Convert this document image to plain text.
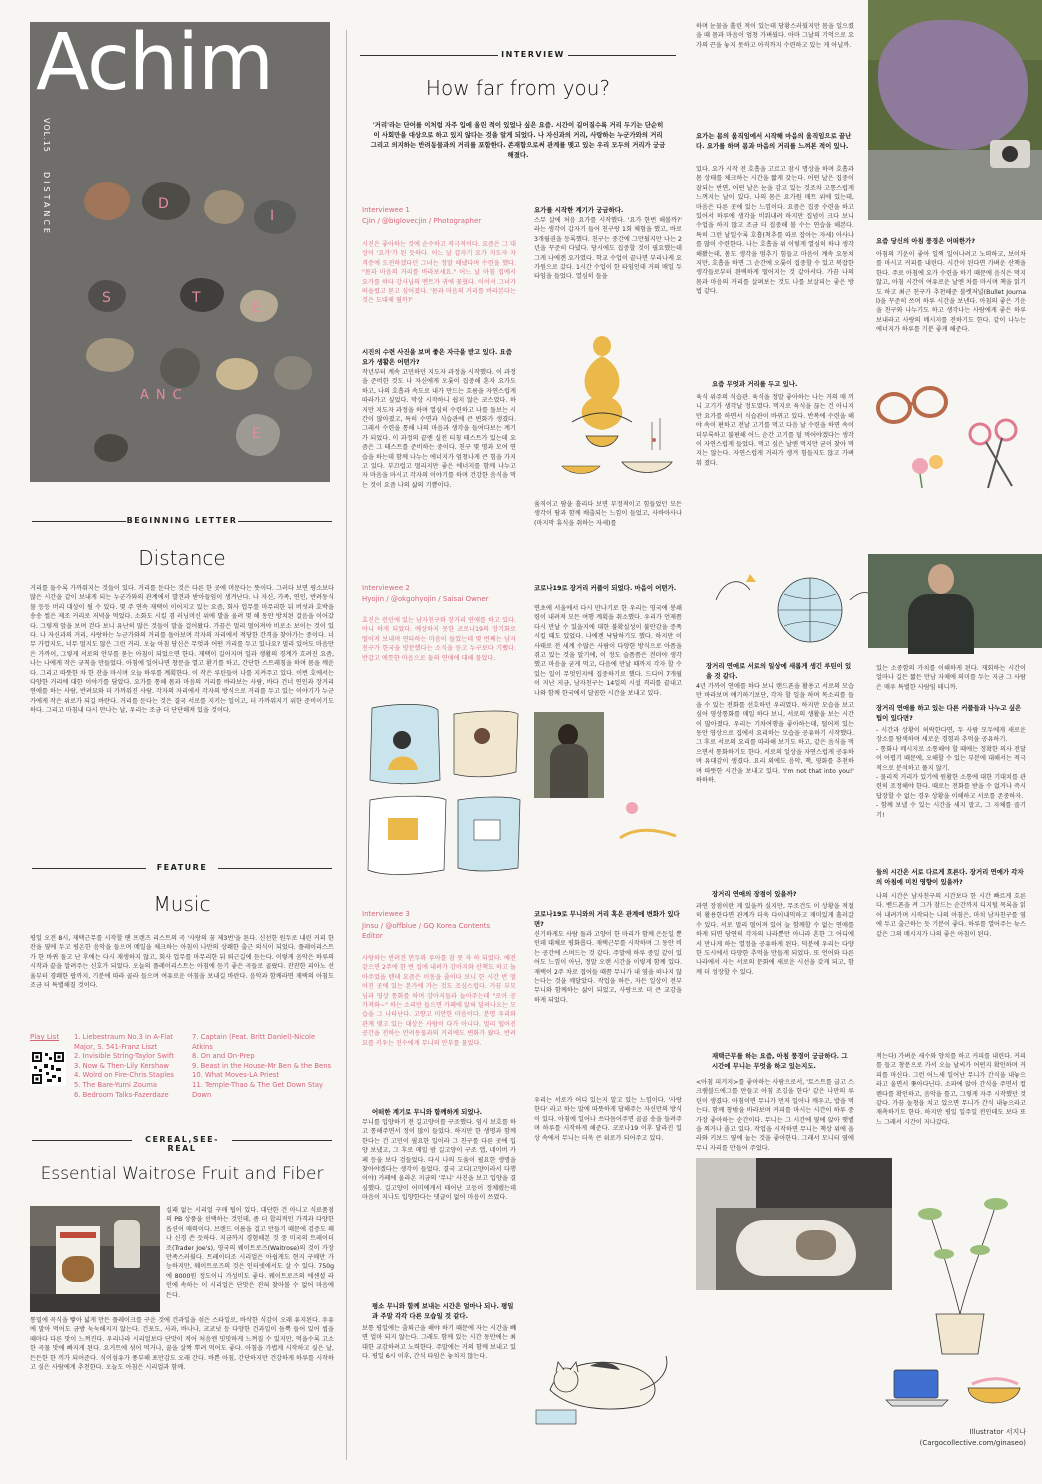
Achim
VOL.15
DISTANCE	D
I
S	T
E
ANC
E
BEGINNING LETTER
Distance
거리를 둘수록 가까워지는 것들이 있다. 거리를 둔다는 것은 다른 한 곳에 머문다는 뜻이다. 그러다 보면 평소보다 많은 시간을 같이 보내게 되는 누군가와의 관계에서 발견과 받아들임이 생겨난다. 나 자신, 가족, 연인, 반려동식물 등등 머리 대상이 될 수 있다. 몇 주 연속 재택이 이어지고 있는 요즘, 회사 업무를 마무리한 뒤 버섯과 호박을 송송 썰은 제조 커리로 저녁을 먹었다. 소화도 시킬 겸 러닝머신 위에 발을 올려 몇 해 동안 방치된 걸음을 이어갔다. 그렇게 앞을 보며 걷다 보니 유난히 많은 것들이 말을 걸어왔다. 가끔은 멀리 떨어져야 비로소 보이는 것이 있다. 나 자신과의 거리, 사랑하는 누군가와의 거리를 돌아보며 각자의 자리에서 적당한 간격을 찾아가는 중이다. 너무 가깝지도, 너무 멀지도 않은 그런 거리. 오늘 아침 당신은 무엇과 어떤 거리를 두고 있나요? 멀리 있어도 마음만은 가까이, 그렇게 서로의 안부를 묻는 아침이 되었으면 한다. 재택이 길어지며 일과 생활의 경계가 흐려진 요즘, 나는 나에게 작은 규칙을 만들었다. 아침에 일어나면 창문을 열고 환기를 하고, 간단한 스트레칭을 하며 몸을 깨운다. 그리고 따뜻한 차 한 잔을 마시며 오늘 하루를 계획한다. 이 작은 루틴들이 나를 지켜주고 있다. 이번 호에서는 다양한 거리에 대한 이야기를 담았다. 요가를 통해 몸과 마음의 거리를 바라보는 사람, 바다 건너 연인과 장거리 연애를 하는 사람, 반려묘와 더 가까워진 사람. 각자의 자리에서 각자의 방식으로 거리를 두고 있는 이야기가 누군가에게 작은 위로가 되길 바란다. 거리를 둔다는 것은 결국 서로를 지키는 일이고, 더 가까워지기 위한 준비이기도 하다. 그리고 마침내 다시 만나는 날, 우리는 조금 더 단단해져 있을 것이다.
FEATURE
Music
평일 오전 8시, 재택근무를 시작할 땐 프랜즈 리스트의 곡 '사랑의 꿈 제3번'을 튼다. 신선한 원두로 내린 커피 한 잔을 옆에 두고 평온한 음악을 들으며 메일을 체크하는 아침이 나만의 상쾌한 출근 의식이 되었다. 플레이리스트가 한 바퀴 돌고 난 후에는 다시 재생하지 않고, 회사 업무를 마무리한 뒤 퇴근길에 듣는다. 이렇게 음악은 하루의 시작과 끝을 알려주는 신호가 되었다. 오늘의 플레이리스트는 아침에 듣기 좋은 곡들로 골랐다. 잔잔한 피아노 선율부터 경쾌한 팝까지, 기분에 따라 골라 들으며 여유로운 아침을 보내길 바란다. 음악과 함께라면 재택의 아침도 조금 더 특별해질 것이다.
Play List 1. Liebestraum No.3 in A-Flat Major, S. 541-Franz Liszt
2. Invisible String-Taylor Swift
3. Now & Then-Lily Kershaw
4. Wolrd on Fire-Chris Staples
5. The Bare-Yumi Zouma
6. Bedroom Talks-Fazerdaze
7. Captain (Feat. Britt Daniel)-Nicole Atkins
8. On and On-Prep
9. Beast in the House-Mr Ben & the Bens
10. What Moves-LA Priest
11. Temple-Thao & The Get Down Stay Down
CEREAL,SEE-REAL
Essential Waitrose Fruit and Fiber
실패 없는 시리얼 구매 팁이 있다. 대단한 건 아니고 식료품점의 PB 상품을 선택하는 것인데, 좀 더 합리적인 가격과 다양한 옵션이 매력이다. 브랜드 이름을 걸고 만들기 때문에 검증도 꽤나 신경 쓴 듯하다. 지금까지 경험해본 것 중 미국의 트레이더조(Trader Joe's), 영국의 웨이트로즈(Waitrose)의 것이 가장 만족스러웠다. 트레이더조 시리얼은 아쉽게도 현지 구매만 가능하지만, 웨이트로즈의 것은 인터넷에서도 살 수 있다. 750g에 8000원 정도이니 가성비도 좋다. 웨이트로즈의 에센셜 라인에 속하는 이 시리얼은 단맛은 전혀 찾아볼 수 없어 마음에 든다.
통밀에 곡식을 빻아 넓게 만든 플레이크를 구운 것에 건과일을 섞은 스타일로, 바삭한 식감이 오래 유지된다. 우유에 말아 먹어도 금방 눅눅해지지 않는다. 건포도, 사과, 바나나, 코코넛 등 다양한 건과일이 듬뿍 들어 있어 씹을 때마다 다른 맛이 느껴진다. 우리나라 시리얼보다 단맛이 적어 처음엔 밋밋하게 느껴질 수 있지만, 먹을수록 고소한 곡물 맛에 빠지게 된다. 요거트에 섞어 먹거나, 꿀을 살짝 뿌려 먹어도 좋다. 아침을 가볍게 시작하고 싶은 날, 든든한 한 끼가 되어준다. 식이섬유가 풍부해 포만감도 오래 간다. 바쁜 아침, 간단하지만 건강하게 하루를 시작하고 싶은 사람에게 추천한다. 오늘도 아침은 시리얼과 함께.
INTERVIEW
How far from you?
'거리'라는 단어를 이처럼 자주 입에 올린 적이 있었나 싶은 요즘. 시간이 길어질수록 거리 두기는 단순히 이 사회만을 대상으로 하고 있지 않다는 것을 알게 되었다. 나 자신과의 거리, 사랑하는 누군가와의 거리 그리고 의지하는 반려동물과의 거리를 포함한다. 존재함으로써 관계를 맺고 있는 우리 모두의 거리가 궁금해졌다.
Interviewee 1
Cjin / @biglovecjin / Photographer
시진은 좋아하는 것에 순수하고 적극적이다. 요즘은 그 대상이 '요가'가 된 듯하다. 어느 날 갑자기 요가 지도자 자격증에 도전하겠다던 그녀는 정말 해냈다며 수련을 했다. "몸과 마음의 거리를 바라보세요." 어느 날 아침 집에서 요가를 하다 강사님의 멘트가 귀에 꽂혔다. 이어서 그녀가 떠올렸고 묻고 싶어졌다. '몸과 마음의 거리를 바라본다는 것은 도대체 뭘까?'
시진의 수련 사진을 보며 좋은 자극을 받고 있다. 요즘 요가 생활은 어떤가?
작년부터 계속 고민하던 지도자 과정을 시작했다. 이 과정을 준비한 것도 나 자신에게 오롯이 집중해 혼자 요가도 하고, 나의 호흡과 속도로 내가 만드는 흐름을 자연스럽게 따라가고 싶었다. 막상 시작하니 쉽지 않은 코스였다. 하지만 지도자 과정을 하며 열심히 수련하고 나를 돌보는 시간이 많아졌고, 특히 수면과 식습관에 큰 변화가 생겼다. 그래서 수련을 통해 나의 마음과 생각을 들여다보는 계기가 되었다. 이 과정의 끝엔 실전 티칭 테스트가 있는데 요즘은 그 테스트를 준비하는 중이다. 친구 몇 명과 모여 연습을 하는데 함께 나누는 에너지가 엄청나게 큰 힘을 가지고 있다. 부끄럽고 떨리지만 좋은 에너지를 함께 나누고 자 마음을 마시고 각자의 이야기를 하며 건강한 음식을 먹는 것이 요즘 나의 삶의 기쁨이다.
요가를 시작한 계기가 궁금하다.
스무 살에 처음 요가를 시작했다. '요가 한번 해볼까?' 라는 생각이 갑자기 들어 친구랑 1회 체험을 했고, 바로 3개월권을 등록했다. 친구는 중간에 그만뒀지만 나는 2년을 꾸준히 다녔다. 당시에도 집중할 것이 필요했는데 그게 나에겐 요가였다. 학교 수업이 끝나면 부리나케 요가원으로 갔다. 1시간 수업이 한 타임인데 거의 매일 두 타임을 들었다. 열심히 들을
움직이고 땀을 흘리다 보면 부정적이고 힘들었던 모든 생각이 땀과 함께 배출되는 느낌이 들었고, 사바아사나(마지막 휴식을 취하는 자세)를
하며 눈물을 흘린 적이 있는데 당황스러웠지만 몸을 일으켰을 때 몸과 마음이 엄청 가벼웠다. 아마 그날의 기억으로 요가의 끈을 놓지 못하고 아직까지 수련하고 있는 게 아닐까.
요가는 몸의 움직임에서 시작해 마음의 움직임으로 끝난다. 요가를 하며 몸과 마음의 거리를 느껴본 적이 있나.
있다. 요가 시작 전 호흡을 고르고 잠시 명상을 하며 호흡과 몸 상태를 체크하는 시간을 짧게 갖는다. 어떤 날은 집중이 잘되는 반면, 어떤 날은 눈을 감고 있는 것조차 고통스럽게 느껴지는 날이 있다. 나의 몸은 요가원 매트 위에 있는데, 마음은 다른 곳에 있는 느낌이다. 요즘은 집중 수련을 하고 있어서 하루에 생각을 비워내려 하지만 집념이 크다 보니 수업을 하지 않고 조금 더 집중해 볼 수는 연습을 해본다. 특히 그런 날일수록 호흡(척추를 따로 잡아는 자세) 아사나를 많이 수련한다. 나는 호흡을 위 이렇게 열심히 하냐 생각해봤는데, 몸도 생각을 멈추기 힘들고 마음이 계속 요동치지만, 호흡을 하면 그 순간에 오롯이 집중할 수 있고 복잡한 생각들로부터 완벽하게 떨어지는 것 같아서다. 가끔 나의 몸과 마음의 거리를 살펴보는 것도 나를 보살피는 좋은 방법 같다.
요즘 무엇과 거리를 두고 있나.
육식 위주의 식습관. 육식을 정말 좋아하는 나는 거의 매 끼니 고기가 생각날 정도였다. 먹지로 육식을 끊는 건 아니지만 요가를 하면서 식습관이 바뀌고 있다. 반복에 수련을 해야 속이 편하고 전날 고기를 먹고 다음 날 수련을 하면 속이 더부룩하고 불편해 어느 순간 고기를 덜 먹어야겠다는 생각이 자연스럽게 들었다. 먹고 싶은 날엔 먹지만 굳이 찾아 먹지는 않는다. 자연스럽게 거리가 생겨 힘들지도 않고 가벼워 졌다.
요즘 당신의 아침 풍경은 어떠한가?
아침의 기운이 좋아 일찍 일어나려고 노력하고, 보이차를 마시고 커피를 내린다. 시간이 된다면 가벼운 산책을 한다. 주로 아침에 요가 수련을 하기 때문에 음식은 먹지 않고, 아침 시간이 여유로운 날엔 차를 마시며 책을 읽기도 하고 최근 친구가 추천해준 블렛저널(Bullet Journal)을 꾸준히 쓰며 하루 시간을 보낸다. 아침의 좋은 기운을 친구와 나누기도 하고 생각나는 사람에게 좋은 하루 보내라고 사랑의 메시지를 전하기도 한다. 같이 나누는 에너지가 하루를 기분 좋게 해준다.
Interviewee 2
Hyojin / @okgohyojin / Saisai Owner
효진은 런던에 있는 남자친구와 장거리 연애를 하고 있다. 아니 하게 되었다. 예상하지 못한 코로나19의 장기화로 떨어져 보내며 연타하는 마음이 들었는데 몇 번째는 남자친구가 한국을 방문했다는 소식을 듣고 누구보다 기뻤다. 반갑고 애틋한 마음으로 둘의 연애에 대해 물었다.
코로나19로 장거리 커플이 되었다. 마음이 어떤가.
연초에 서울에서 다시 만나기로 한 우리는 영국에 봉쇄령이 내려져 모든 여행 계획을 취소했다. 우리가 언제쯤 다시 만날 수 있을지에 대한 불확실성이 불안감을 증폭시킬 때도 있었다. 나에겐 낙담하기도 했다. 하지만 이 사태로 전 세계 수많은 사람이 다양한 방식으로 아픔을 겪고 있는 것을 알기에, 이 정도 슬픔쯤은 견뎌야 생각했고 마음을 굳게 먹고, 다음에 만날 때까지 각자 할 수 있는 일이 무엇인지에 집중하기로 했다. 드디어 7개월이 지난 지금, 남자친구는 14일의 시설 격리를 끝내고 나와 함께 한국에서 달콤한 시간을 보내고 있다.
장거리 연애로 서로의 일상에 새롭게 생긴 루틴이 있을 것 같다.
4년 가까이 연애를 하다 보니 랜드폰을 활용고 서로의 모습만 바라보며 얘기하기보단, 각자 할 일을 하며 목소리를 들을 수 있는 전화를 선호하던 우리였다. 하지만 모습을 보고 싶어 영상통화를 매일 하다 보니, 서로의 생활을 보는 시간이 많아졌다. 우리는 기차여행을 좋아하는데, 떨어져 있는 동안 영상으로 집에서 요리하는 모습을 공유하기 시작했다. 그 후로 서로의 요리를 따라해 보기도 하고, 같은 음식을 먹으면서 통화하기도 한다. 서로의 일상을 자연스럽게 공유하며 유대감이 생겼다. 요리 외에도 음악, 책, 영화를 추천하며 따뜻한 시간을 보내고 있다. 'I'm not that into you!' 하하하.
장거리 연애의 장점이 있을까?
과연 장점이란 게 있을까 싶지만, 무조건도 이 상황을 적절히 활용한다면 관계가 더욱 다이내믹하고 재미있게 흘러갈 수 있다. 서로 멀리 떨어져 있어 늘 함께할 수 없는 연애를 하게 되면 당연히 각자의 나라뿐만 아니라 흔한 그 어디에서 만나게 하는 열정을 공유하게 된다. 덕분에 우리는 다양한 도시에서 다양한 추억을 만들게 되었다. 또 언어와 다른 나라에서 사는 서로의 문화에 새로운 시선을 갖게 되고, 함께 더 성장할 수 있다.
있는 소중함의 가치를 이해하게 된다. 재회하는 시간이 얼마나 길든 짧든 만남 자체에 의미를 두는 지금 그 사람은 매우 특별한 사람임 테니까.
장거리 연애를 하고 있는 다른 커플들과 나누고 싶은 팁이 있다면?
- 시간과 상황이 허락한다면, 두 사람 모두에게 새로운 장소를 탐색하며 새로운 경험과 추억을 공유하기.
- 통화나 메시지로 소통해야 할 때에는 정확한 의사 전달이 어렵기 때문에, 오해할 수 있는 부분에 대해서는 적극적으로 분석하고 풀지 않기.
- 물리적 거리가 있기에 원활한 소통에 대한 기대치를 관련히 조정해야 한다. 때로는 전화를 받을 수 없거나 즉시 답장할 수 없는 경우 상황을 이해하고 서로를 존중하자.
- 함께 보낼 수 있는 시간을 세지 말고, 그 자체를 즐기기!
둘의 시간은 서로 다르게 흐른다. 장거리 연애가 각자의 아침에 미친 영향이 있을까?
나의 시간은 남자친구의 시간보다 한 시간 빠르게 흐른다. 밴드폰을 켜 그가 잠드는 순간까지 디지털 목록을 읽어 내려가며 시작되는 나의 아침은, 마치 남자친구를 옆에 두고 출근하는 듯 기분이 좋다. 하루를 열어주는 뉴스 같은 그의 메시지가 나의 좋은 아침이 된다.
Interviewee 3
Jinsu / @offblue / GQ Korea Contents Editor
사랑하는 반려견 만두와 루아를 잠 못 자 하 되었다. 예전 같으면 2주에 한 번 집에 내려가 강아지와 산책도 하고 놀아주었을 텐데 요즘은 이동을 줄이다 보니 한 시간 반 떨어진 곳에 있는 본가에 가는 것도 조심스럽다. 가끔 부모님과 영상 통화를 하며 강아지들과 놀아주는데 "로아 공 가져와~" 하는 소리만 들으면 카페에 앉혀 달려나오는 모습을 그 나타난다. 고향고 미안한 마음이다. 분명 우리와 관계 맺고 있는 대상은 사람이 다가 아니다. 멀리 떨어진 공간을 전하는 반려동물과의 거리에도 변화가 왔다. 반려묘를 키우는 진수에게 무니의 안부를 물었다.
어떠한 계기로 무니와 함께하게 되었나.
무니를 입양하기 전 길고양이를 구조했다. 임시 보호를 하고 통해주면서 정이 많이 들었다. 하지만 한 생명과 함께한다는 건 고민이 필요한 일이라 그 친구를 다른 곳에 입양 보냈고, 그 후로 매일 밤 길고양이 구조 앱, 네이버 카페 등을 보다 검들었다. 다시 나의 도움이 필요한 생명을 찾아야겠다는 생각이 들었다. 결국 고디(고양이라서 다행이야) 카페에 올라온 지금의 '무니' 사진을 보고 입양을 결심했다. 길고양이 어미에게서 태어난 고등이 정체됐는데 마음이 지나도 입양한다는 댓글이 없어 마음이 쓰였다.
평소 무니와 함께 보내는 시간은 얼마나 되나. 평일과 주말 각각 다른 모습일 것 같다.
보통 평일에는 출퇴근을 해야 하기 때문에 자는 시간을 빼면 얼마 되지 않는다. 그래도 함께 있는 시간 동안에는 최대한 교감하려고 노력한다. 주말에는 거의 함께 보내고 있다. 평일 6시 이후, 간식 타임은 놓치지 않는다.
코로나19로 무니와의 거리 혹은 관계에 변화가 있다면?
신기하게도 사람 돌과 고양이 한 마리가 함께 은둔일 뿐인데 대체로 평화롭다. 재택근무를 시작하며 그 동안 비는 공간에 스며드는 것 같다. 주말에 하루 중일 같이 있어도 느낌이 아닌, 정말 오랜 시간을 이렇게 함께 있다. 재택이 2주 차로 접어들 때쯤 무니가 내 옆을 떠나지 않는다는 것을 깨달았다. 작업을 하든, 자든 일상이 전부 무니와 함께하는 삶이 되었고, 사랑으로 더 큰 교감을 하게 되었다.
우리는 서로가 어디 있는지 알고 있는 느낌이다. '사랑한다' 라고 하는 말에 따뜻하게 답해주는 자신만의 방식이 있다. 아침에 일어나 쓰다듬어주면 골골 송을 들려주며 하루를 시작하게 해준다. 코로나19 이후 달라진 일상 속에서 무니는 더욱 큰 위로가 되어주고 있다.
재택근무를 하는 요즘, 아침 풍경이 궁금하다. 그 시간에 무니는 무엇을 하고 있는지도.
<아침 피거지>를 좋아하는 사람으로서, '토스트를 굽고 스크램블드에그를 만들고 아침 조깅을 한다' 같은 나만의 루틴이 생겼다. 아침이면 무니가 먼저 일어나 깨우고, 밥을 먹는다. 함께 창밖을 바라보며 커피를 마시는 시간이 하루 중 가장 좋아하는 순간이다. 무니는 그 시간에 옆에 앉아 햇볕을 쬐거나 졸고 있다. 작업을 시작하면 무니는 책상 위에 올라와 키보드 옆에 눕는 것을 좋아한다. 그래서 모니터 옆에 무니 자리를 만들어 주었다.
적는다) 가벼운 세수와 양치를 하고 커피를 내린다. 커피를 들고 창문으로 가서 오늘 날씨가 어떤지 확인하며 커피를 마신다. 그런 어느새 일어난 무니가 간식을 내놓으라고 울면서 쫓아다닌다. 소파에 앉아 간식을 주면서 컬렌다를 확인하고, 음악을 틀고, 그렇게 자주 시작했던 것 같다. 가끔 놀청을 치고 있으면 무니가 간식 내놓으라고 재촉하기도 한다. 하지만 평일 일주일 전인데도 보다 또 느 그래서 시간이 지나갔다.
Illustrator 서지나 (Cargocollective.com/ginaseo)
